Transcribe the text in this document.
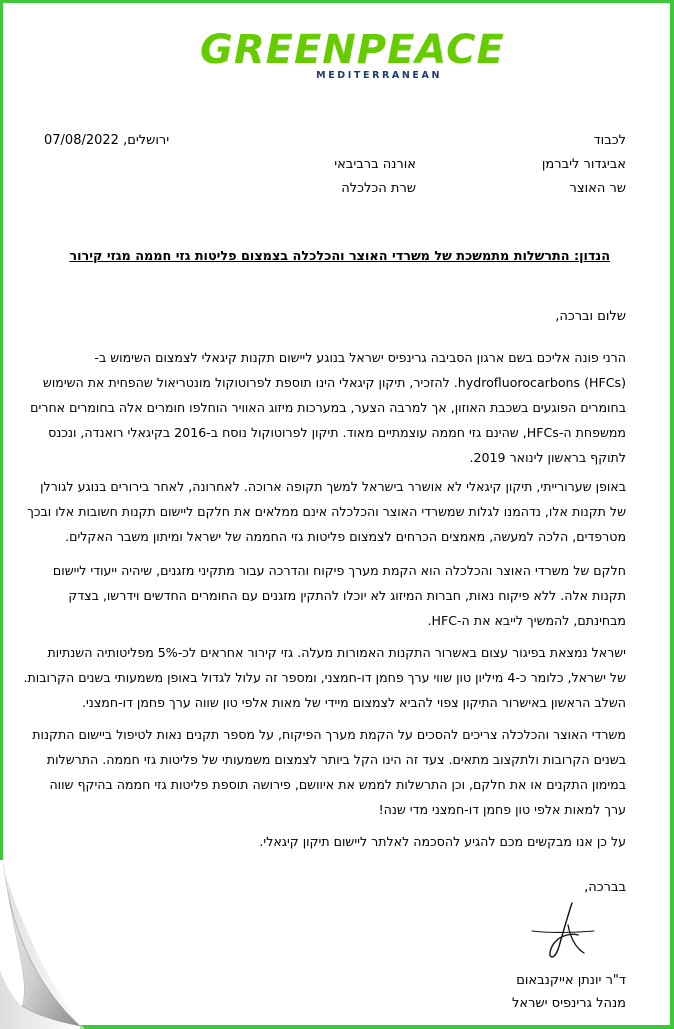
GREENPEACE
MEDITERRANEAN
לכבוד
ירושלים, 07/08/2022
אביגדור ליברמן
אורנה ברביבאי
שר האוצר
שרת הכלכלה
הנדון: התרשלות מתמשכת של משרדי האוצר והכלכלה בצמצום פליטות גזי חממה מגזי קירור
שלום וברכה,
הרני פונה אליכם בשם ארגון הסביבה גרינפיס ישראל בנוגע ליישום תקנות קיגאלי לצמצום השימוש ב-
hydrofluorocarbons (HFCs). להזכיר, תיקון קיגאלי הינו תוספת לפרוטוקול מונטריאול שהפחית את השימוש
בחומרים הפוגעים בשכבת האוזון, אך למרבה הצער, במערכות מיזוג האוויר הוחלפו חומרים אלה בחומרים אחרים
ממשפחת ה-HFCs, שהינם גזי חממה עוצמתיים מאוד. תיקון לפרוטוקול נוסח ב-2016 בקיגאלי רואנדה, ונכנס
לתוקף בראשון לינואר 2019.
באופן שערורייתי, תיקון קיגאלי לא אושרר בישראל למשך תקופה ארוכה. לאחרונה, לאחר בירורים בנוגע לגורלן
של תקנות אלו, נדהמנו לגלות שמשרדי האוצר והכלכלה אינם ממלאים את חלקם ליישום תקנות חשובות אלו ובכך
מטרפדים, הלכה למעשה, מאמצים הכרחים לצמצום פליטות גזי החממה של ישראל ומיתון משבר האקלים.
חלקם של משרדי האוצר והכלכלה הוא הקמת מערך פיקוח והדרכה עבור מתקיני מזגנים, שיהיה ייעודי ליישום
תקנות אלה. ללא פיקוח נאות, חברות המיזוג לא יוכלו להתקין מזגנים עם החומרים החדשים וידרשו, בצדק
מבחינתם, להמשיך לייבא את ה-HFC.
ישראל נמצאת בפיגור עצום באשרור התקנות האמורות מעלה. גזי קירור אחראים לכ-5% מפליטותיה השנתיות
של ישראל, כלומר כ-4 מיליון טון שווי ערך פחמן דו-חמצני, ומספר זה עלול לגדול באופן משמעותי בשנים הקרובות.
השלב הראשון באישרור התיקון צפוי להביא לצמצום מיידי של מאות אלפי טון שווה ערך פחמן דו-חמצני.
משרדי האוצר והכלכלה צריכים להסכים על הקמת מערך הפיקוח, על מספר תקנים נאות לטיפול ביישום התקנות
בשנים הקרובות ולתקצוב מתאים. צעד זה הינו הקל ביותר לצמצום משמעותי של פליטות גזי חממה. התרשלות
במימון התקנים או את חלקם, וכן התרשלות לממש את איוושם, פירושה תוספת פליטות גזי חממה בהיקף שווה
ערך למאות אלפי טון פחמן דו-חמצני מדי שנה!
על כן אנו מבקשים מכם להגיע להסכמה לאלתר ליישום תיקון קיגאלי.
בברכה,
ד"ר יונתן אייקנבאום
מנהל גרינפיס ישראל
